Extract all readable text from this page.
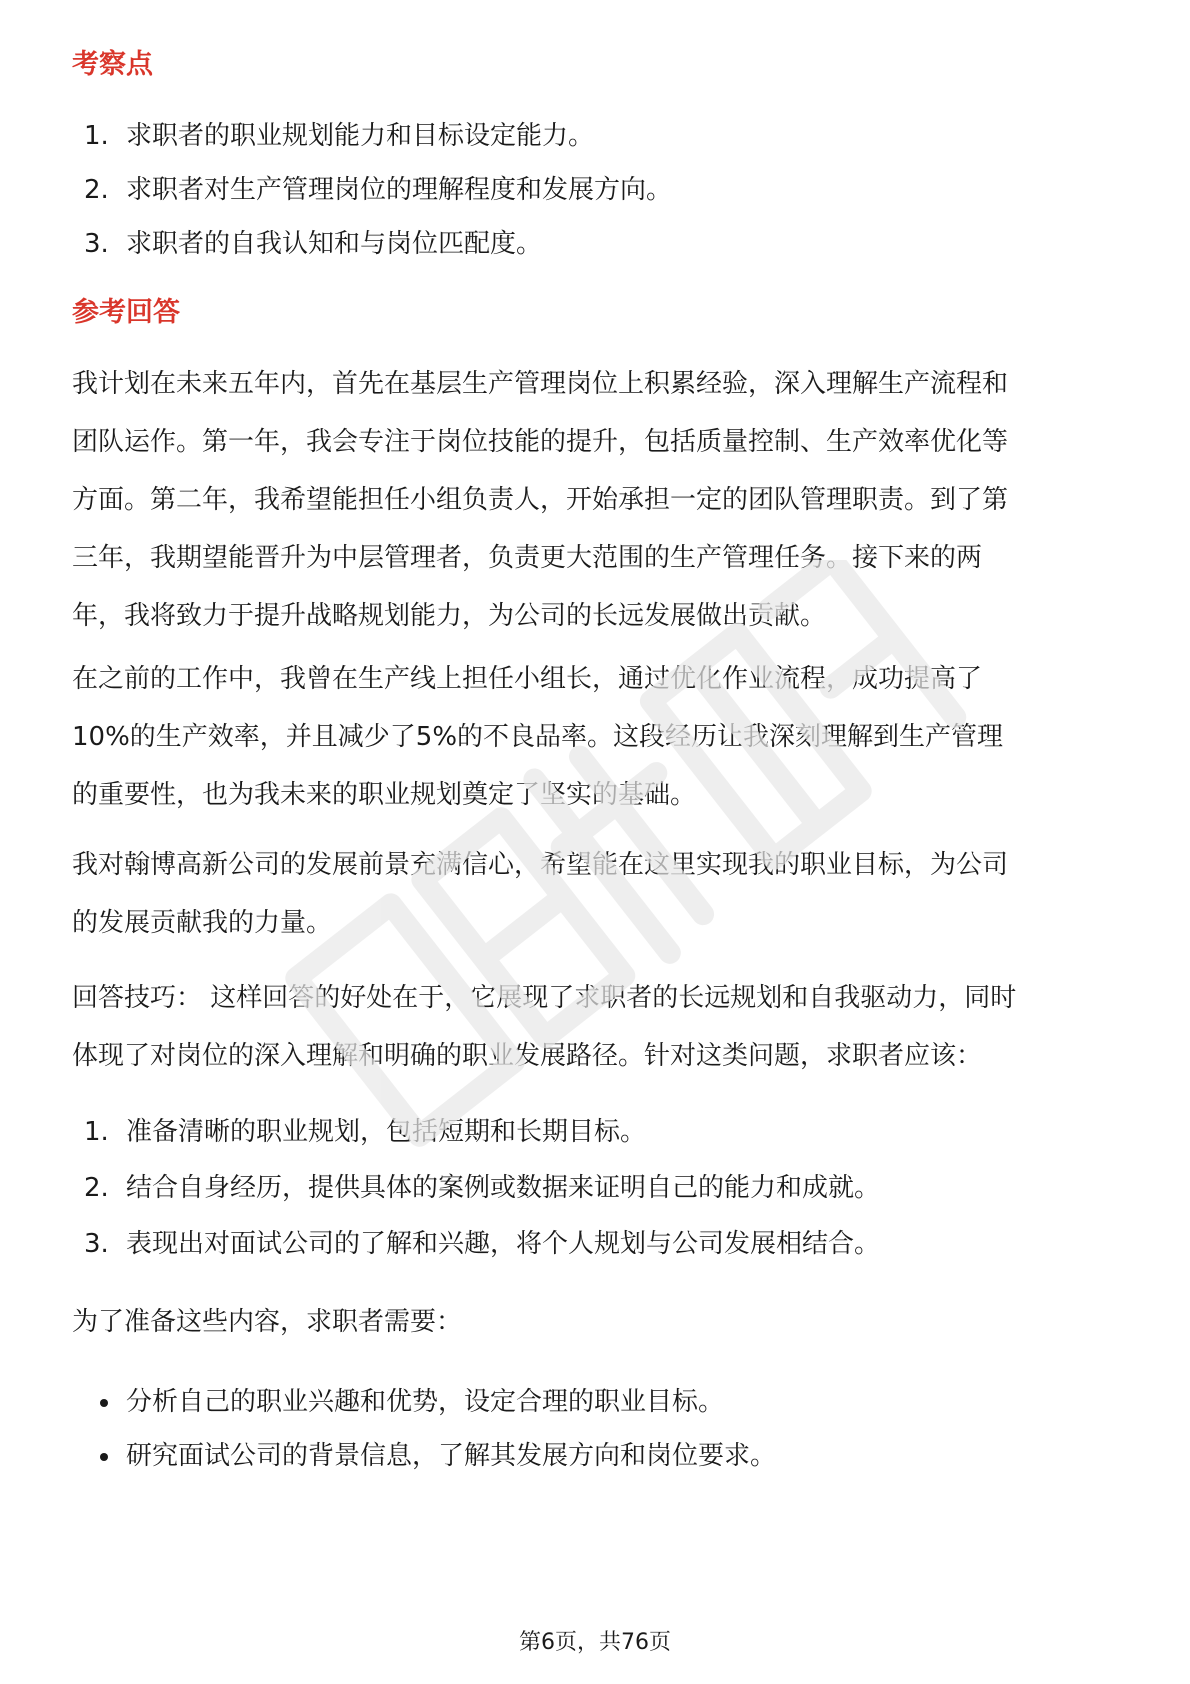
考察点
1. 求职者的职业规划能力和目标设定能力。
2. 求职者对生产管理岗位的理解程度和发展方向。
3. 求职者的自我认知和与岗位匹配度。
参考回答

我计划在未来五年内，首先在基层生产管理岗位上积累经验，深入理解生产流程和
团队运作。第一年，我会专注于岗位技能的提升，包括质量控制、生产效率优化等
方面。第二年，我希望能担任小组负责人，开始承担一定的团队管理职责。到了第
三年，我期望能晋升为中层管理者，负责更大范围的生产管理任务。接下来的两
年，我将致力于提升战略规划能力，为公司的长远发展做出贡献。

在之前的工作中，我曾在生产线上担任小组长，通过优化作业流程，成功提高了
10%的生产效率，并且减少了5%的不良品率。这段经历让我深刻理解到生产管理
的重要性，也为我未来的职业规划奠定了坚实的基础。

我对翰博高新公司的发展前景充满信心，希望能在这里实现我的职业目标，为公司
的发展贡献我的力量。

回答技巧： 这样回答的好处在于，它展现了求职者的长远规划和自我驱动力，同时
体现了对岗位的深入理解和明确的职业发展路径。针对这类问题，求职者应该：

1. 准备清晰的职业规划，包括短期和长期目标。
2. 结合自身经历，提供具体的案例或数据来证明自己的能力和成就。
3. 表现出对面试公司的了解和兴趣，将个人规划与公司发展相结合。

为了准备这些内容，求职者需要：

分析自己的职业兴趣和优势，设定合理的职业目标。
研究面试公司的背景信息，了解其发展方向和岗位要求。
第6页，共76页
